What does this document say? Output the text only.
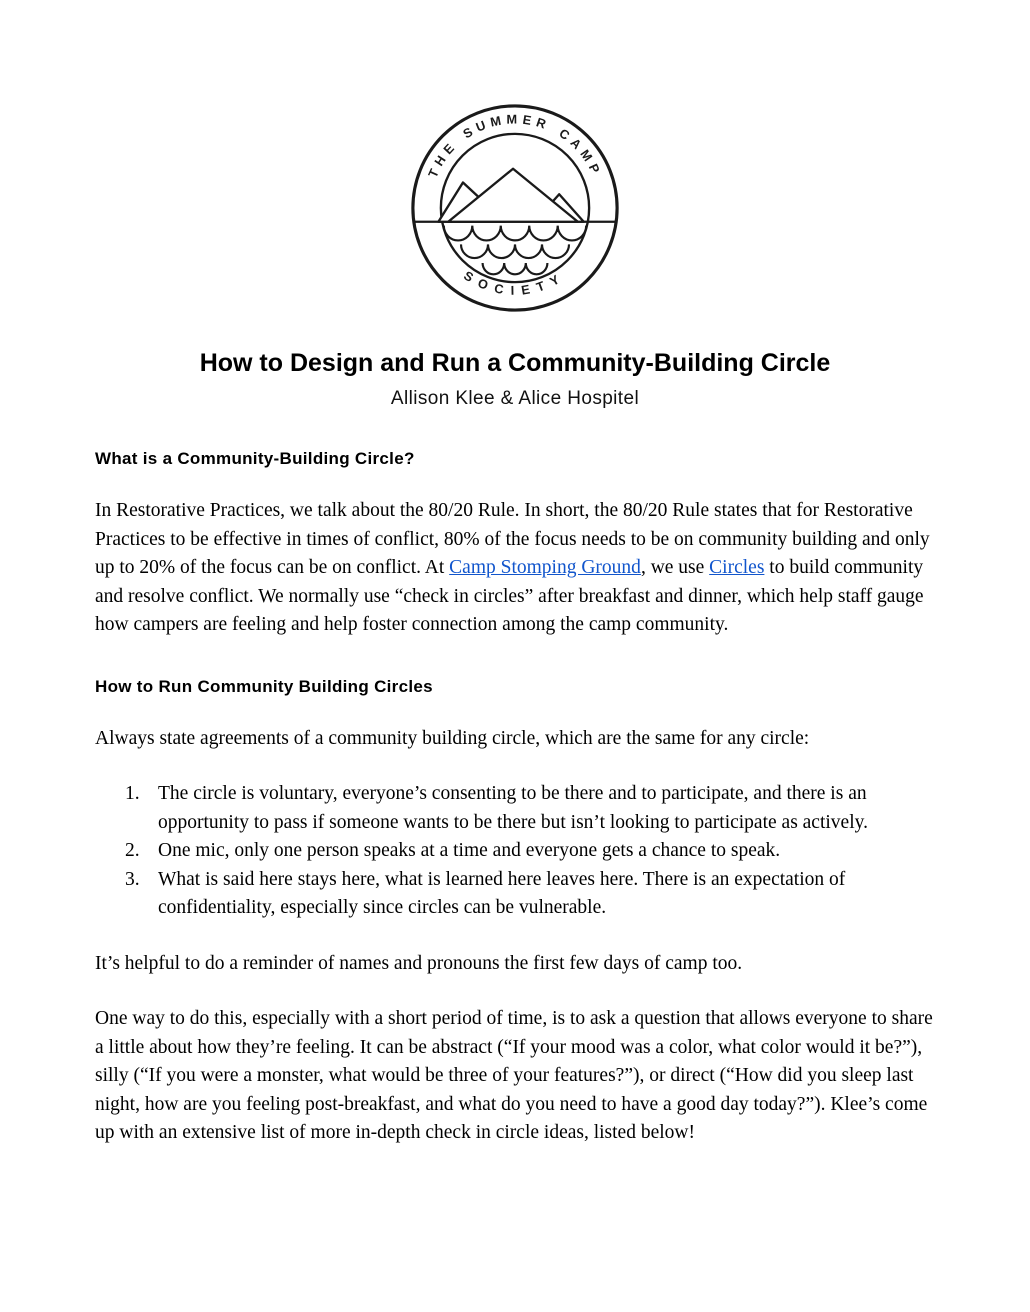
THE SUMMER CAMP
SOCIETY
How to Design and Run a Community-Building Circle

Allison Klee & Alice Hospitel

What is a Community-Building Circle?

In Restorative Practices, we talk about the 80/20 Rule. In short, the 80/20 Rule states that for Restorative Practices to be effective in times of conflict, 80% of the focus needs to be on community building and only up to 20% of the focus can be on conflict. At Camp Stomping Ground, we use Circles to build community and resolve conflict. We normally use “check in circles” after breakfast and dinner, which help staff gauge how campers are feeling and help foster connection among the camp community.

How to Run Community Building Circles

Always state agreements of a community building circle, which are the same for any circle:

1. The circle is voluntary, everyone’s consenting to be there and to participate, and there is an opportunity to pass if someone wants to be there but isn’t looking to participate as actively.
2. One mic, only one person speaks at a time and everyone gets a chance to speak.
3. What is said here stays here, what is learned here leaves here. There is an expectation of confidentiality, especially since circles can be vulnerable.

It’s helpful to do a reminder of names and pronouns the first few days of camp too.

One way to do this, especially with a short period of time, is to ask a question that allows everyone to share a little about how they’re feeling. It can be abstract (“If your mood was a color, what color would it be?”), silly (“If you were a monster, what would be three of your features?”), or direct (“How did you sleep last night, how are you feeling post-breakfast, and what do you need to have a good day today?”). Klee’s come up with an extensive list of more in-depth check in circle ideas, listed below!
